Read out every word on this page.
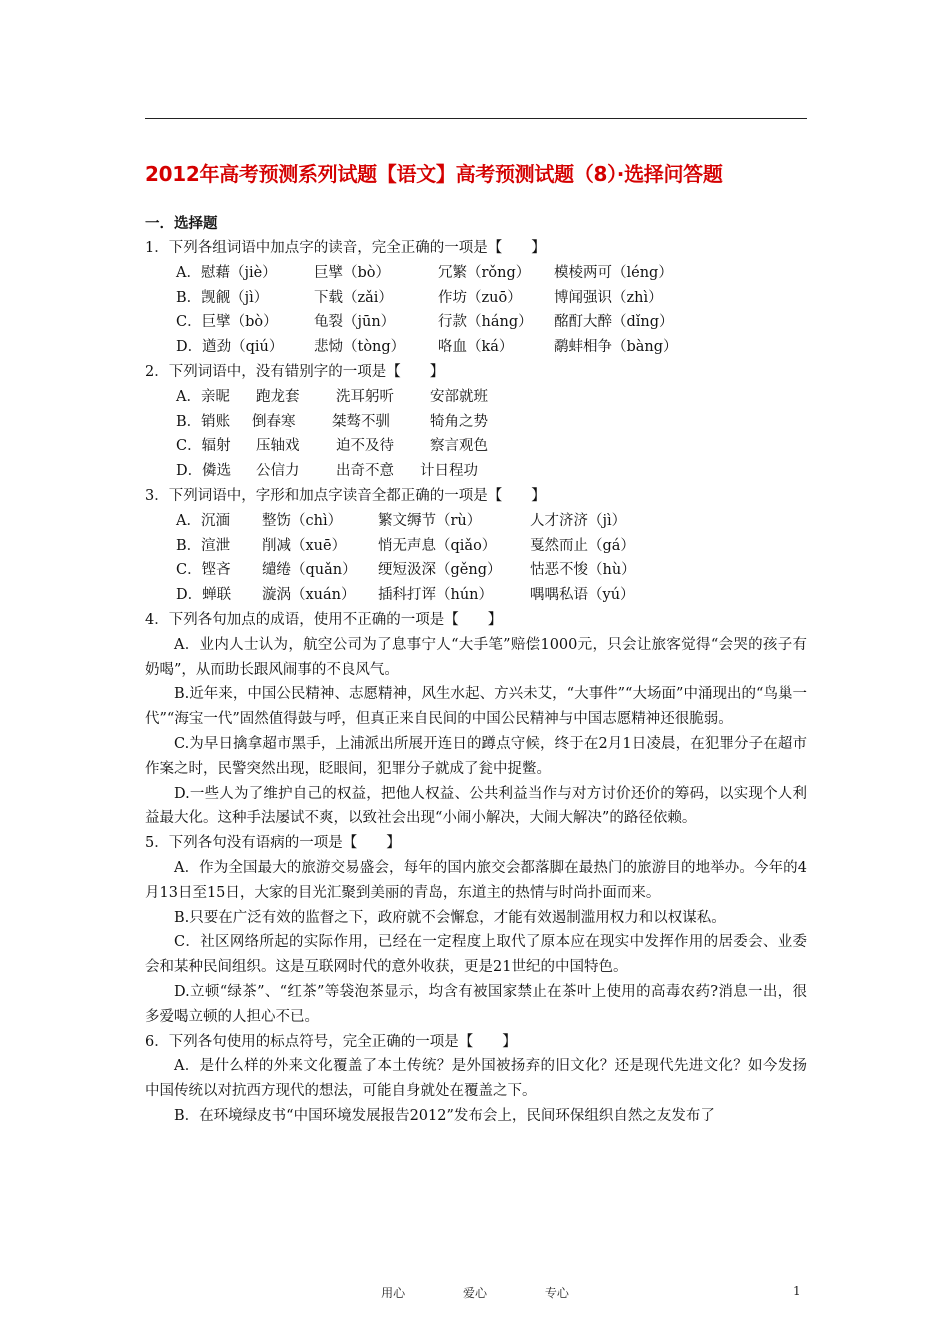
2012年高考预测系列试题【语文】高考预测试题（8）·选择问答题
一．选择题
1．下列各组词语中加点字的读音，完全正确的一项是【　　】
A．慰藉（jiè）	巨擘（bò）	冗繁（rǒng） 模棱两可（léng）
B．觊觎（jì）	下载（zǎi）	作坊（zuō） 博闻强识（zhì）
C．巨擘（bò）	龟裂（jūn）	行款（háng） 酩酊大醉（dǐng）
D．遒劲（qiú） 悲恸（tòng） 咯血（ká）	鹬蚌相争（bàng）
2．下列词语中，没有错别字的一项是【　　】
A．亲昵 跑龙套	洗耳躬听 安部就班
B．销账 倒春寒	桀骜不驯	犄角之势
C．辐射 压轴戏	迫不及待 察言观色
D．僯选 公信力	出奇不意 计日程功
3．下列词语中，字形和加点字读音全都正确的一项是【　　】
A．沉湎 整饬（chì） 繁文缛节（rù）	人才济济（jì）
B．渲泄 削减（xuē） 悄无声息（qiǎo） 戛然而止（gá）
C．铿吝 缱绻（quǎn） 绠短汲深（gěng） 怙恶不悛（hù）
D．蝉联 漩涡（xuán） 插科打诨（hún）	喁喁私语（yú）
4．下列各句加点的成语，使用不正确的一项是【　　】
A．业内人士认为，航空公司为了息事宁人“大手笔”赔偿1000元，只会让旅客觉得“会哭的孩子有奶喝”，从而助长跟风闹事的不良风气。
B.近年来，中国公民精神、志愿精神，风生水起、方兴未艾，“大事件”“大场面”中涌现出的“鸟巢一代”“海宝一代”固然值得鼓与呼，但真正来自民间的中国公民精神与中国志愿精神还很脆弱。
C.为早日擒拿超市黑手，上浦派出所展开连日的蹲点守候，终于在2月1日凌晨，在犯罪分子在超市作案之时，民警突然出现，眨眼间，犯罪分子就成了瓮中捉鳖。
D.一些人为了维护自己的权益，把他人权益、公共利益当作与对方讨价还价的筹码，以实现个人利益最大化。这种手法屡试不爽，以致社会出现“小闹小解决，大闹大解决”的路径依赖。
5．下列各句没有语病的一项是【　　】
A．作为全国最大的旅游交易盛会，每年的国内旅交会都落脚在最热门的旅游目的地举办。今年的4月13日至15日，大家的目光汇聚到美丽的青岛，东道主的热情与时尚扑面而来。
B.只要在广泛有效的监督之下，政府就不会懈怠，才能有效遏制滥用权力和以权谋私。
C．社区网络所起的实际作用，已经在一定程度上取代了原本应在现实中发挥作用的居委会、业委会和某种民间组织。这是互联网时代的意外收获，更是21世纪的中国特色。
D.立顿“绿茶”、“红茶”等袋泡茶显示，均含有被国家禁止在茶叶上使用的高毒农药?消息一出，很多爱喝立顿的人担心不已。
6．下列各句使用的标点符号，完全正确的一项是【　　】
A．是什么样的外来文化覆盖了本土传统？是外国被扬弃的旧文化？还是现代先进文化？如今发扬中国传统以对抗西方现代的想法，可能自身就处在覆盖之下。
B．在环境绿皮书“中国环境发展报告2012”发布会上，民间环保组织自然之友发布了
用心	爱心	专心	1
